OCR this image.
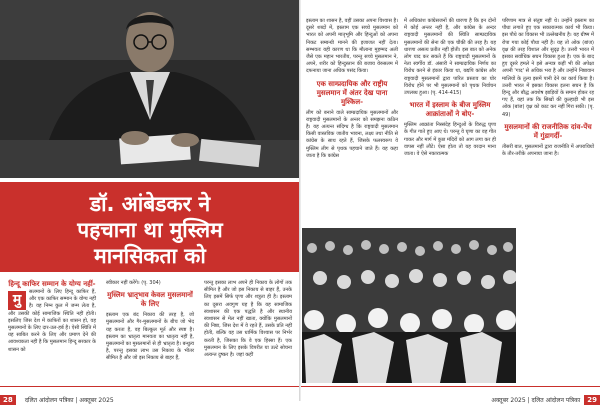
डॉ. आंबेडकर ने
पहचाना था मुस्लिम
मानसिकता को
हिन्दू काफिर सम्मान के योग्य नहीं-
मु	सलमानों के लिए हिन्दू काफिर हैं, और एक काफिर सम्मान के योग्य नहीं है। वह निम्न कुल में जन्म लेता है, और उसकी कोई सामाजिक स्थिति नहीं होती। इसलिए जिस देश में काफिरों का शासन हो, वह मुसलमानों के लिए दार-उल-हर्ब है। ऐसी स्थिति में यह साबित करने के लिए और प्रमाण देने की आवश्यकता नहीं है कि मुसलमान हिन्दू सरकार के शासन को
स्वीकार नहीं करेंगे। (पृ. 304)
मुस्लिम भ्रातृभाव केवल मुसलमानों के लिए
इस्लाम एक बंद निकाय की तरह है, जो मुसलमानों और गैर-मुसलमानों के बीच जो भेद यह करता है, वह बिल्कुल मूर्त और स्पष्ट है। इस्लाम का भ्रातृत्व मानवता का भ्रातृत्व नहीं है, मुसलमानों का मुसलमानों से ही भ्रातृत्व है। बन्धुत्व है, परन्तु इसका लाभ उस निकाय के भीतर सीमित है और जो इस निकाय से बाहर हैं,
परन्तु इसका लाभ अपने ही निकाय के लोगों तक सीमित है और जो इस निकाय से बाहर हैं, उनके लिए इसमें सिर्फ घृणा और शत्रुता ही है। इस्लाम का दूसरा अवगुण यह है कि यह सामाजिक स्वशासन की एक पद्धति है और स्थानीय स्वशासन से मेल नहीं खाता, क्योंकि मुसलमानों की निष्ठा, जिस देश में वे रहते हैं, उसके प्रति नहीं होती, बल्कि वह उस धार्मिक विश्वास पर निर्भर करती है, जिसका कि वे एक हिस्सा हैं। एक मुसलमान के लिए इसके विपरीत या उल्टे सोचना अत्यन्त दुष्कर है। जहां कहीं
28 दलित आंदोलन पत्रिका | अक्तूबर 2025
इस्लाम का शासन है, वहीं उसका अपना विश्वास है। दूसरे शब्दों में, इस्लाम एक सच्चे मुसलमान को भारत को अपनी मातृभूमि और हिन्दुओं को अपना निकट सम्बन्धी मानने की इजाजत नहीं देता। सम्भवतः यही कारण था कि मौलाना मुहम्मद अली जैसे एक महान भारतीय, परन्तु सच्चे मुसलमान ने, अपने, शरीर को हिन्दुस्तान की बजाय येरुसलम में दफनाया जाना अधिक पसंद किया।
एक साम्प्रदायिक और राष्ट्रीय मुसलमान में अंतर देख पाना मुश्किल-
लीग को बनाने वाले साम्प्रदायिक मुसलमानों और राष्ट्रवादी मुसलमानों के अन्तर को समझना कठिन है। यह अत्यन्त संदिग्ध है कि राष्ट्रवादी मुसलमान किसी वास्तविक जातीय भावना, लक्ष्य तथा नीति से कांग्रेस के साथ रहते हैं, जिसके फलस्वरूप वे मुस्लिम लीग से पृथक पहचाने जाते हैं। यह कहा जाता है कि कांग्रेस
में अधिकांश कांग्रेसजनों की धारणा है कि इन दोनों में कोई अन्तर नहीं है, और कांग्रेस के अन्दर राष्ट्रवादी मुसलमानों की स्थिति साम्प्रदायिक मुसलमानों की सेना की एक चौकी की तरह है। यह धारणा असत्य प्रतीत नहीं होती। इस बात को अनेक लोग याद कर सकते हैं कि राष्ट्रवादी मुसलमानों के नेता स्वर्गीय डॉ. अंसारी ने साम्प्रदायिक निर्णय का विरोध करने से इंकार किया था, यद्यपि कांग्रेस और राष्ट्रवादी मुसलमानों द्वारा पारित प्रस्ताव का घोर विरोध होने पर भी मुसलमानों को पृथक निर्वाचन उपलब्ध हुआ। (पृ. 414-415)
भारत में इस्लाम के बीज मुस्लिम आक्रांताओं ने बोए-
मुस्लिम आक्रांता निस्संदेह हिन्दुओं के विरुद्ध घृणा के गीत गाते हुए आए थे। परन्तु वे घृणा का वह गीत गाकर और मार्ग में कुछ मंदिरों को आग लगा कर ही वापस नहीं लौटे। ऐसा होता तो यह वरदान माना जाता। वे ऐसे नकारात्मक
परिणाम मात्र से संतुष्ट नहीं थे। उन्होंने इस्लाम का पौधा लगाते हुए एक सकारात्मक कार्य भी किया। इस पौधे का विकास भी उल्लेखनीय है। यह ग्रीष्म में रोपा गया कोई पौधा नहीं है। यह तो ओक (बांज) वृक्ष की तरह विशाल और सुदृढ़ है। उत्तरी भारत में इसका सर्वाधिक सघन विकास हुआ है। एक के बाद हुए दूसरे हमले ने इसे अन्यत्र कहीं भी की अपेक्षा अपनी 'गाद' से अधिक भरा है और उन्होंने निष्ठावान मालियों के तुल्य इसमें पानी देने का कार्य किया है। उत्तरी भारत में इसका विकास इतना सघन है कि हिन्दू और बौद्ध अवशेष झाड़ियों के समान होकर रह गए हैं, यहां तक कि सिखों की कुल्हाड़ी भी इस ओक (बांज) वृक्ष को काट कर नहीं गिरा सकी। (पृ. 49)
मुसलमानों की राजनीतिक दांव-पेंच में गुंडागर्दी-
तीसरी बात, मुसलमानों द्वारा राजनीति में अपराधियों के तौर-तरीके अपनाया जाना है।
अक्तूबर 2025 | दलित आंदोलन पत्रिका 29
